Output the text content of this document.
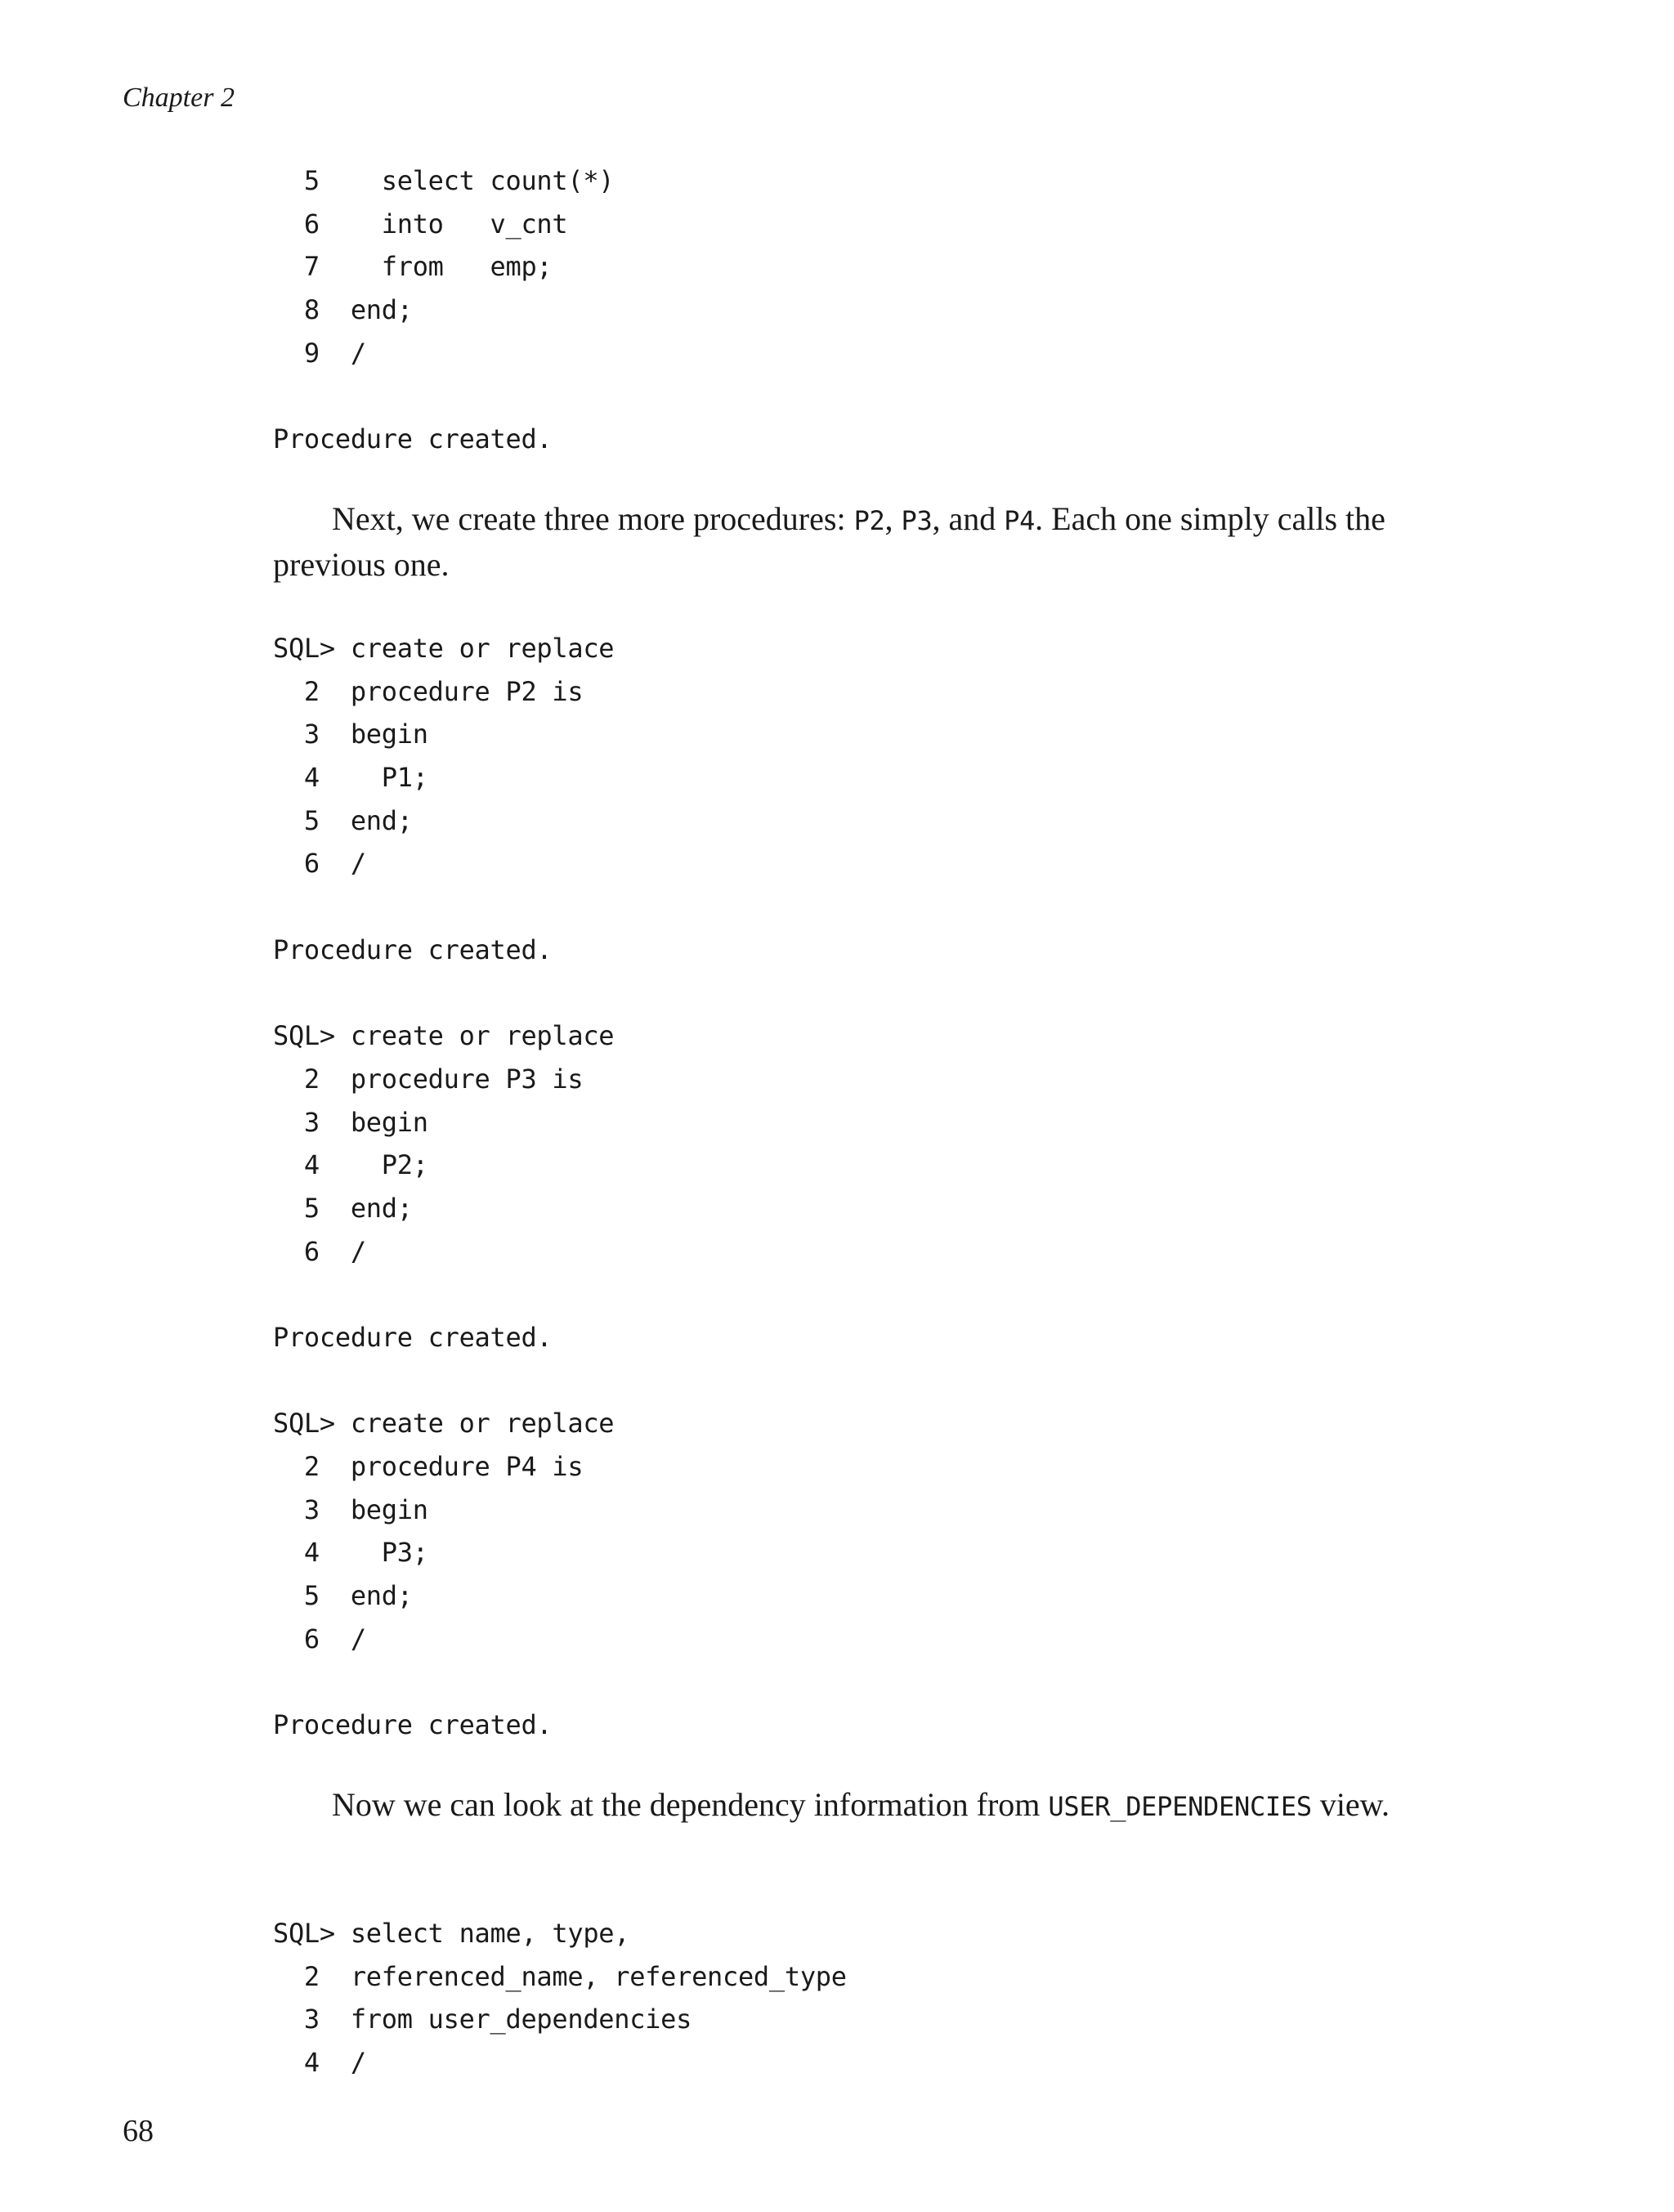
Chapter 2
5    select count(*)
6    into   v_cnt
7    from   emp;
8  end;
9  /
Procedure created.

Next, we create three more procedures: P2, P3, and P4. Each one simply calls the previous one.

SQL> create or replace
2  procedure P2 is
3  begin
4    P1;
5  end;
6  /
Procedure created.
SQL> create or replace
2  procedure P3 is
3  begin
4    P2;
5  end;
6  /
Procedure created.
SQL> create or replace
2  procedure P4 is
3  begin
4    P3;
5  end;
6  /
Procedure created.

Now we can look at the dependency information from USER_DEPENDENCIES view.

SQL> select name, type,
2  referenced_name, referenced_type
3  from user_dependencies
4  /
68
